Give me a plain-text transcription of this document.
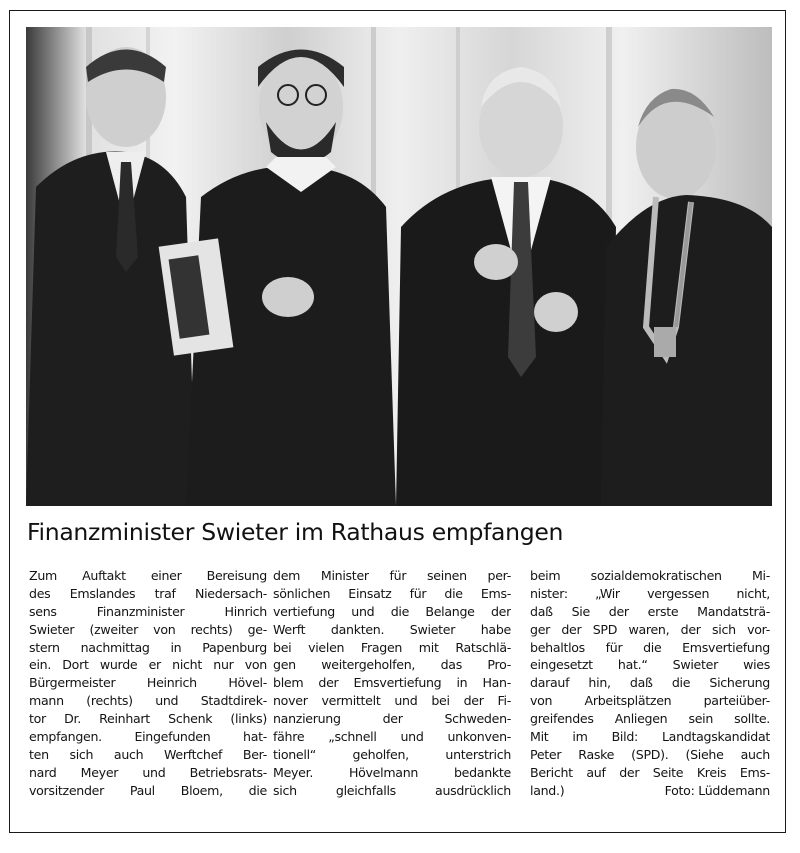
Finanzminister Swieter im Rathaus empfangen
Zum Auftakt einer Bereisung
des Emslandes traf Niedersach-
sens Finanzminister Hinrich
Swieter (zweiter von rechts) ge-
stern nachmittag in Papenburg
ein. Dort wurde er nicht nur von
Bürgermeister Heinrich Hövel-
mann (rechts) und Stadtdirek-
tor Dr. Reinhart Schenk (links)
empfangen. Eingefunden hat-
ten sich auch Werftchef Ber-
nard Meyer und Betriebsrats-
vorsitzender Paul Bloem, die
dem Minister für seinen per-
sönlichen Einsatz für die Ems-
vertiefung und die Belange der
Werft dankten. Swieter habe
bei vielen Fragen mit Ratschlä-
gen weitergeholfen, das Pro-
blem der Emsvertiefung in Han-
nover vermittelt und bei der Fi-
nanzierung der Schweden-
fähre „schnell und unkonven-
tionell“ geholfen, unterstrich
Meyer. Hövelmann bedankte
sich gleichfalls ausdrücklich
beim sozialdemokratischen Mi-
nister: „Wir vergessen nicht,
daß Sie der erste Mandatsträ-
ger der SPD waren, der sich vor-
behaltlos für die Emsvertiefung
eingesetzt hat.“ Swieter wies
darauf hin, daß die Sicherung
von Arbeitsplätzen parteiüber-
greifendes Anliegen sein sollte.
Mit im Bild: Landtagskandidat
Peter Raske (SPD). (Siehe auch
Bericht auf der Seite Kreis Ems-
land.)	Foto: Lüddemann
